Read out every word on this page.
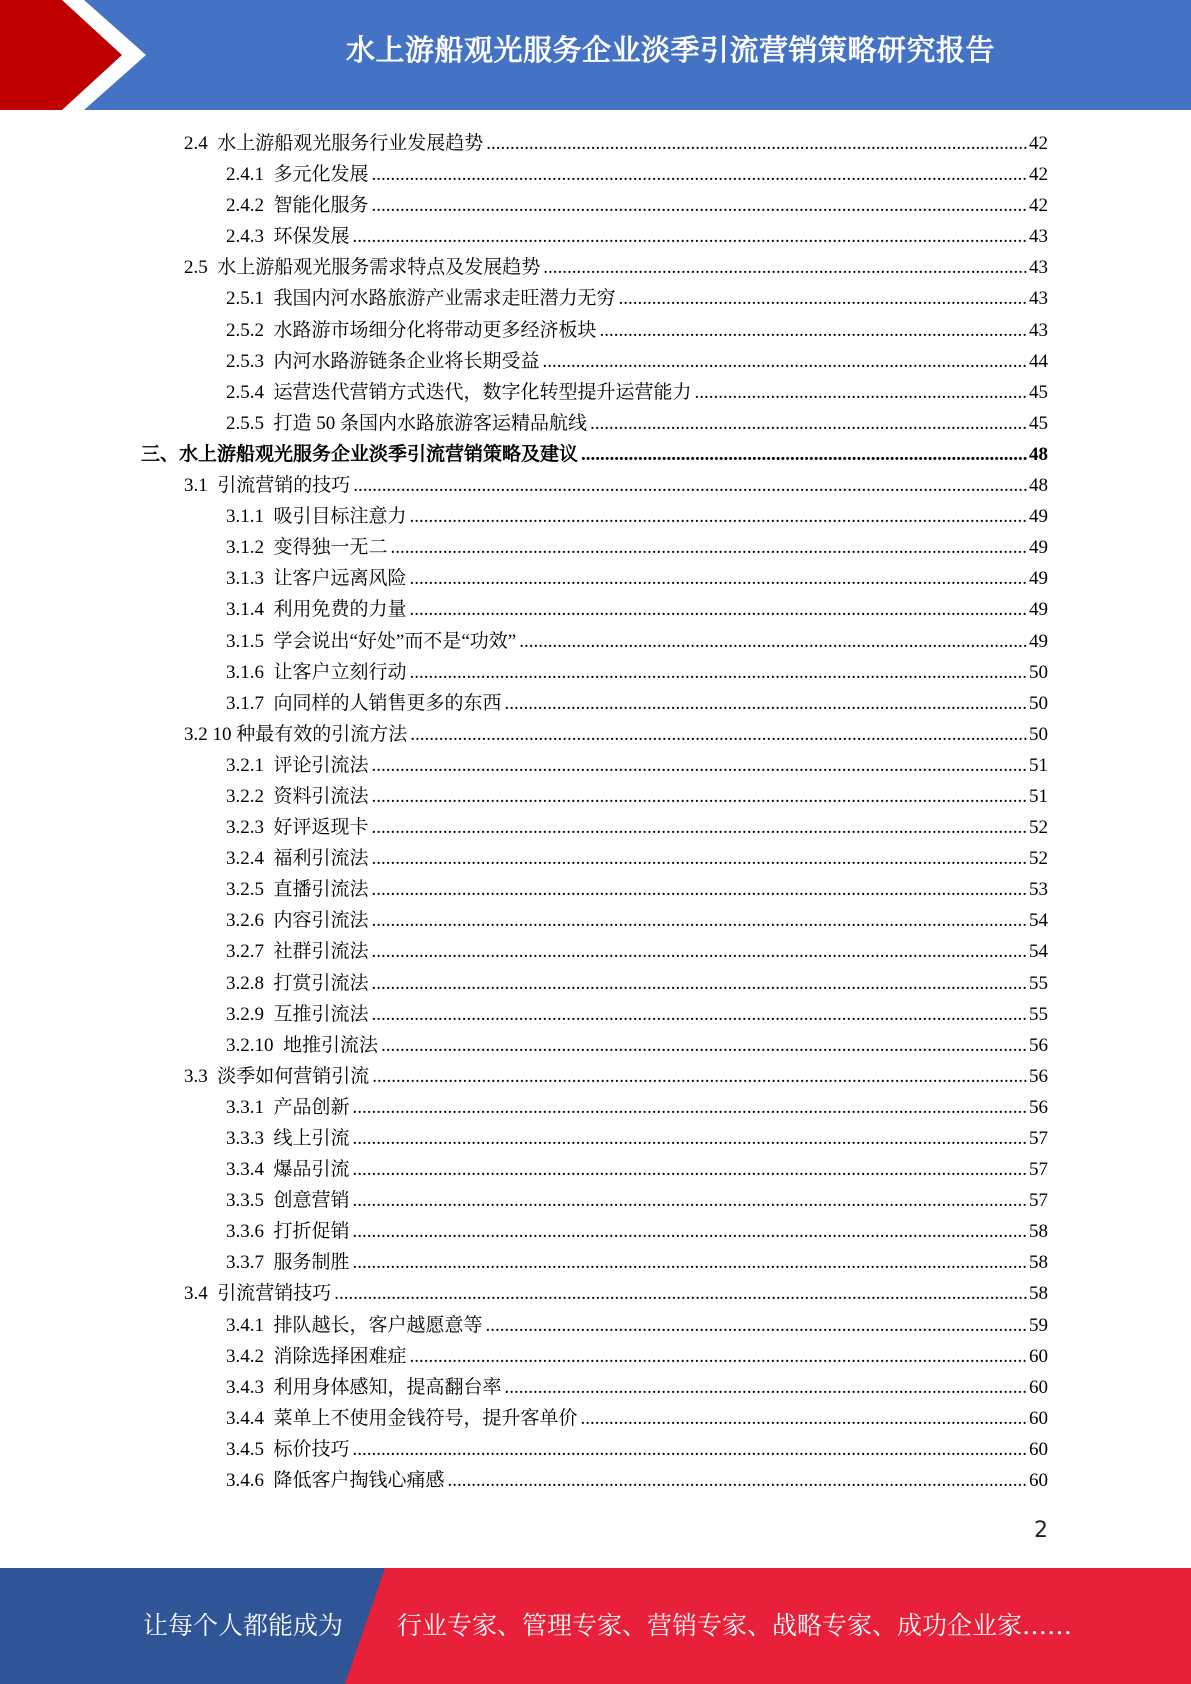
水上游船观光服务企业淡季引流营销策略研究报告
2.4  水上游船观光服务行业发展趋势 .....	42
2.4.1  多元化发展 .....	42
2.4.2  智能化服务 .....	42
2.4.3  环保发展 .....	43
2.5  水上游船观光服务需求特点及发展趋势 .....	43
2.5.1  我国内河水路旅游产业需求走旺潜力无穷 .....	43
2.5.2  水路游市场细分化将带动更多经济板块 .....	43
2.5.3  内河水路游链条企业将长期受益 .....	44
2.5.4  运营迭代营销方式迭代，数字化转型提升运营能力 .....	45
2.5.5  打造 50 条国内水路旅游客运精品航线 .....	45
三、水上游船观光服务企业淡季引流营销策略及建议 .....	48
3.1  引流营销的技巧 .....	48
3.1.1  吸引目标注意力 .....	49
3.1.2  变得独一无二 .....	49
3.1.3  让客户远离风险 .....	49
3.1.4  利用免费的力量 .....	49
3.1.5  学会说出“好处”而不是“功效” .....	49
3.1.6  让客户立刻行动 .....	50
3.1.7  向同样的人销售更多的东西 .....	50
3.2 10 种最有效的引流方法 .....	50
3.2.1  评论引流法 .....	51
3.2.2  资料引流法 .....	51
3.2.3  好评返现卡 .....	52
3.2.4  福利引流法 .....	52
3.2.5  直播引流法 .....	53
3.2.6  内容引流法 .....	54
3.2.7  社群引流法 .....	54
3.2.8  打赏引流法 .....	55
3.2.9  互推引流法 .....	55
3.2.10  地推引流法 .....	56
3.3  淡季如何营销引流 .....	56
3.3.1  产品创新 .....	56
3.3.3  线上引流 .....	57
3.3.4  爆品引流 .....	57
3.3.5  创意营销 .....	57
3.3.6  打折促销 .....	58
3.3.7  服务制胜 .....	58
3.4  引流营销技巧 .....	58
3.4.1  排队越长，客户越愿意等 .....	59
3.4.2  消除选择困难症 .....	60
3.4.3  利用身体感知，提高翻台率 .....	60
3.4.4  菜单上不使用金钱符号，提升客单价 .....	60
3.4.5  标价技巧 .....	60
3.4.6  降低客户掏钱心痛感 .....	60
2
让每个人都能成为 行业专家、管理专家、营销专家、战略专家、成功企业家……
